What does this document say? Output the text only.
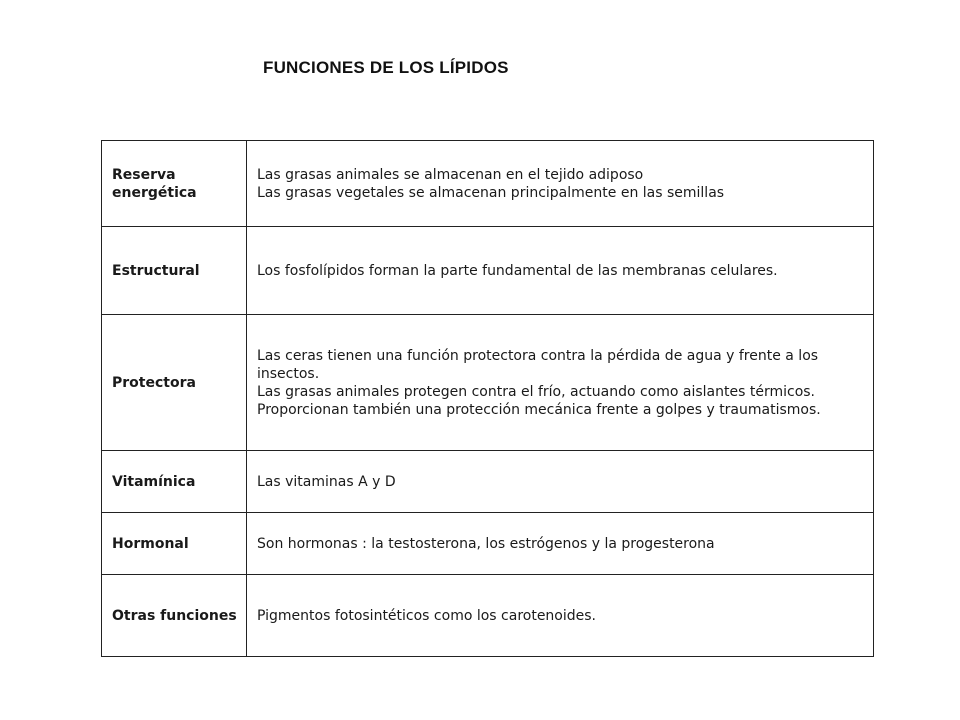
FUNCIONES DE LOS LÍPIDOS
Reserva energética	Las grasas animales se almacenan en el tejido adiposo
Las grasas vegetales se almacenan principalmente en las semillas

Estructural	Los fosfolípidos forman la parte fundamental de las membranas celulares.

Protectora	Las ceras tienen una función protectora contra la pérdida de agua y frente a los insectos.
Las grasas animales protegen contra el frío, actuando como aislantes térmicos. Proporcionan también una protección mecánica frente a golpes y traumatismos.

Vitamínica	Las vitaminas A y D

Hormonal	Son hormonas : la testosterona, los estrógenos y la progesterona

Otras funciones	Pigmentos fotosintéticos como los carotenoides.
